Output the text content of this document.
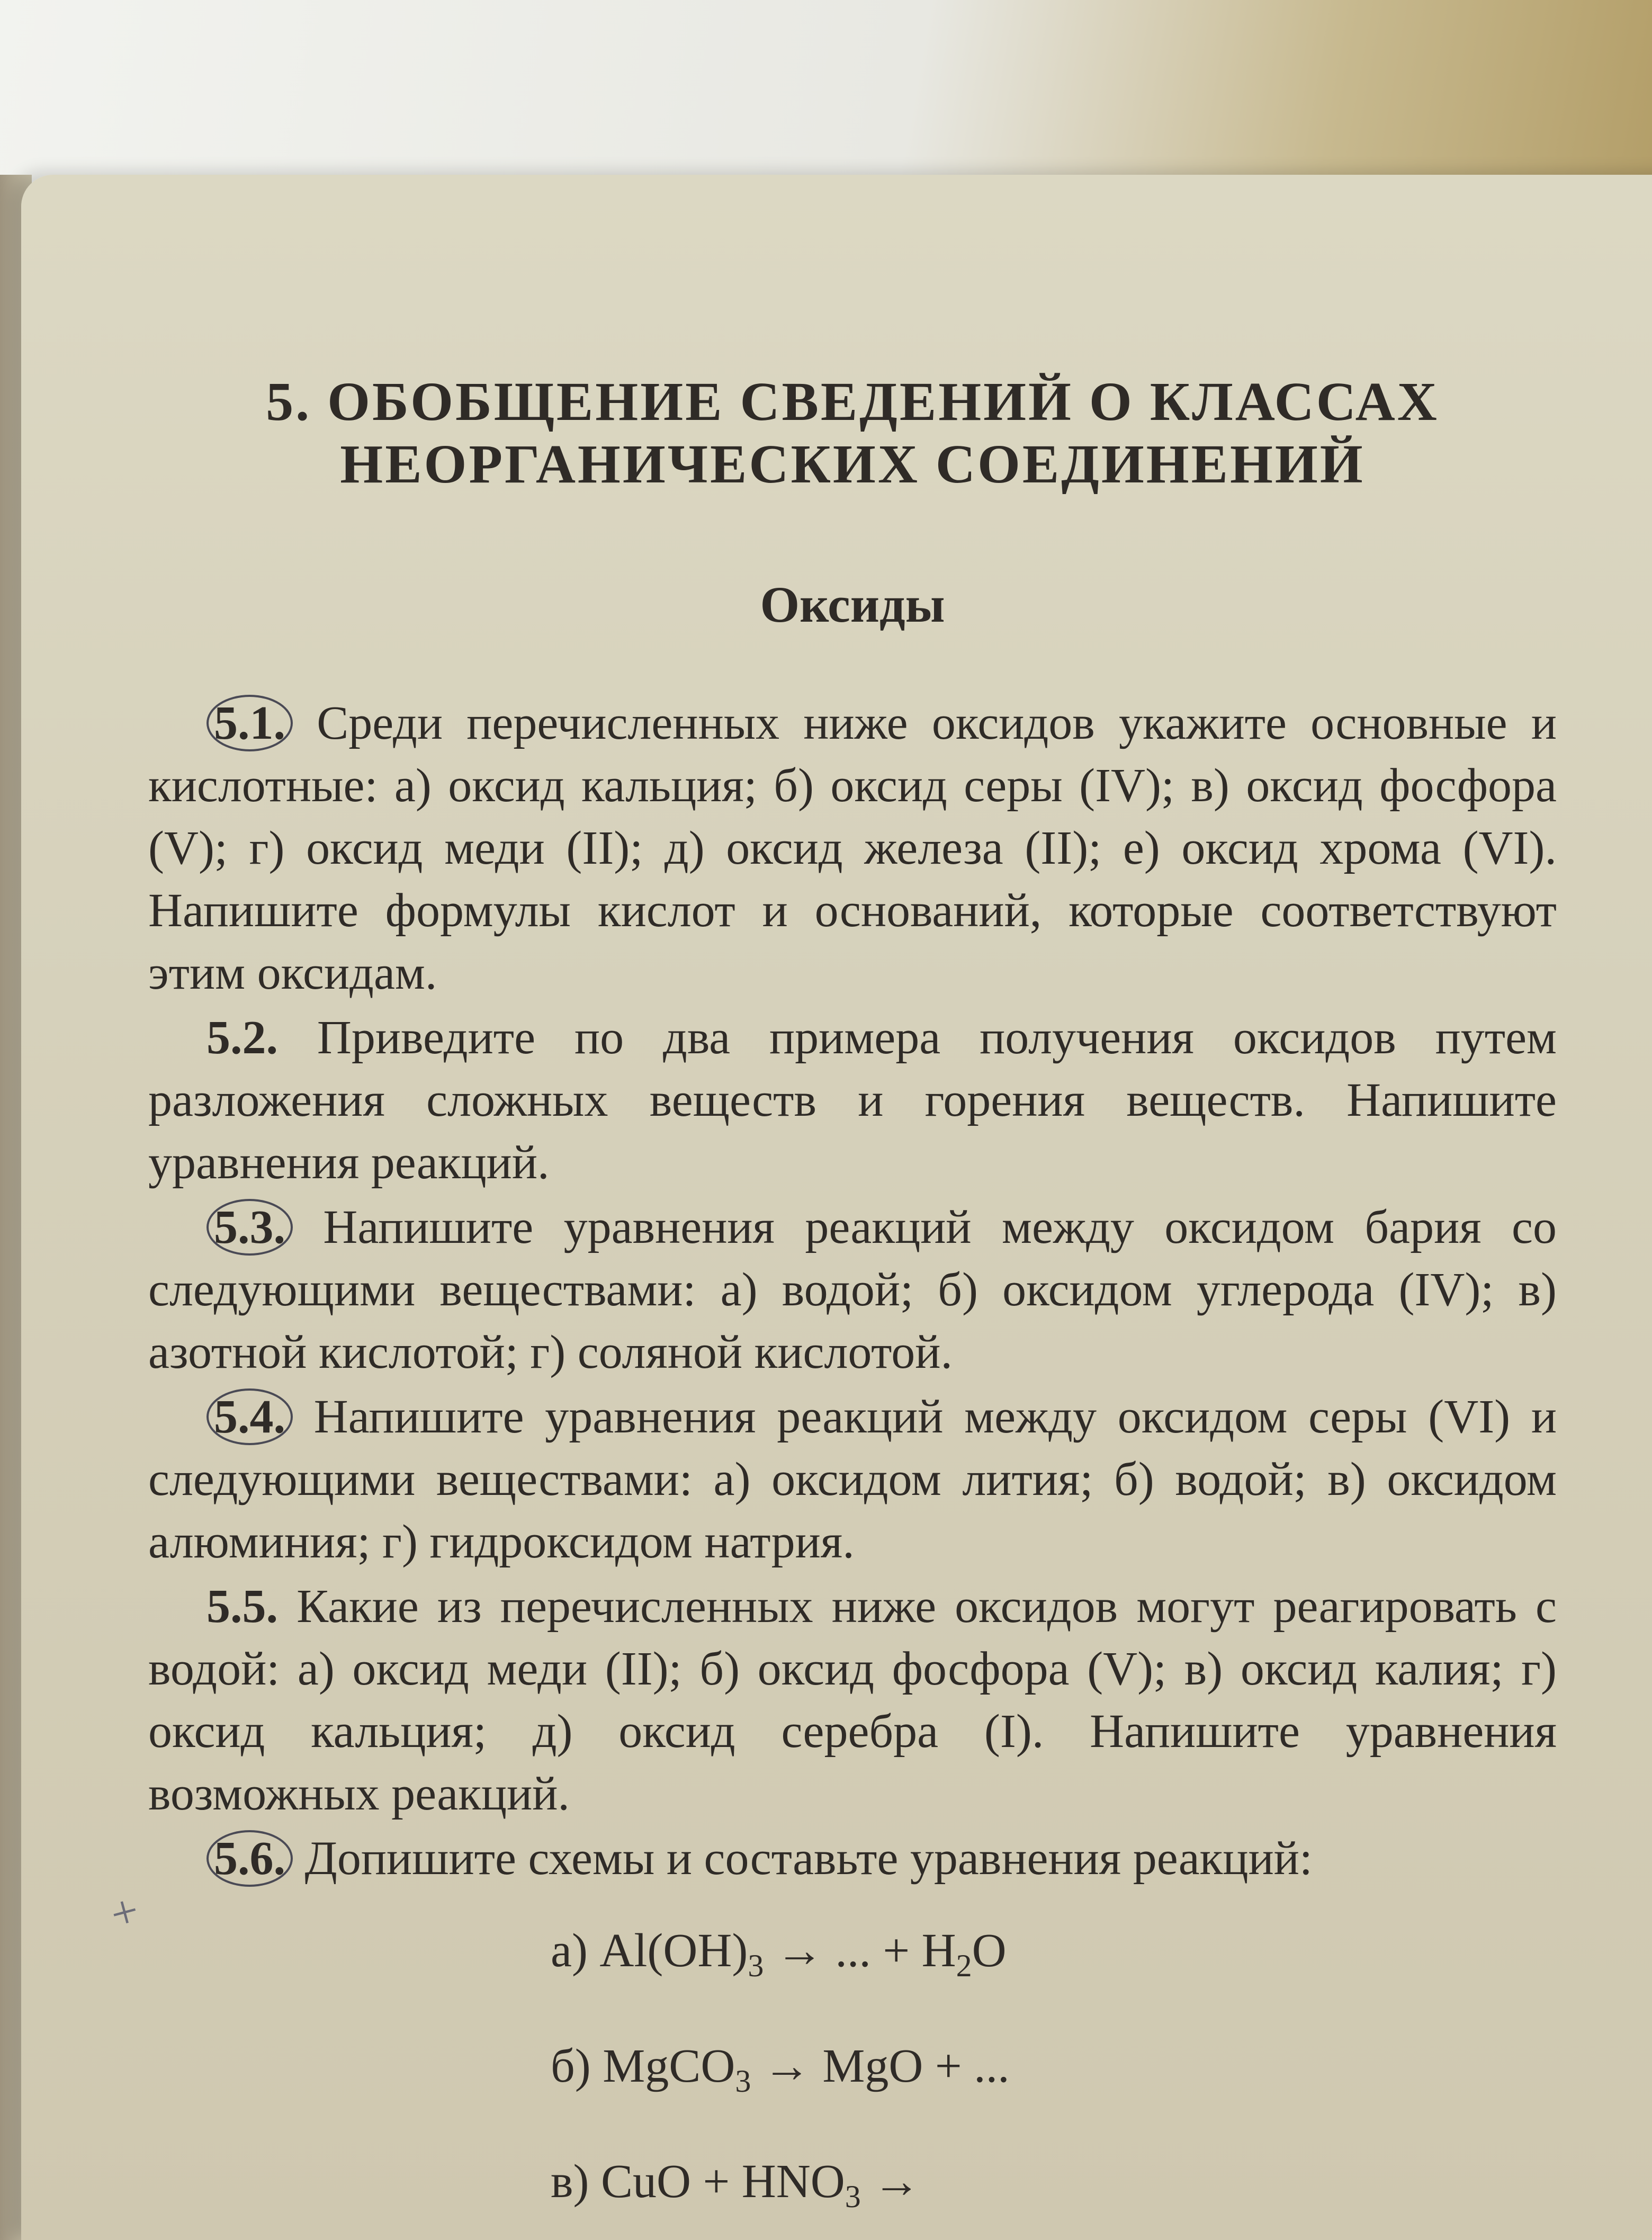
5. ОБОБЩЕНИЕ СВЕДЕНИЙ О КЛАССАХ
НЕОРГАНИЧЕСКИХ СОЕДИНЕНИЙ
Оксиды

5.1. Среди перечисленных ниже оксидов укажите основные и кислотные: а) оксид кальция; б) оксид серы (IV); в) оксид фосфора (V); г) оксид меди (II); д) оксид железа (II); е) оксид хрома (VI). Напишите формулы кислот и оснований, которые соответствуют этим оксидам.

5.2. Приведите по два примера получения оксидов путем разложения сложных веществ и горения веществ. Напишите уравнения реакций.

5.3. Напишите уравнения реакций между оксидом бария со следующими веществами: а) водой; б) оксидом углерода (IV); в) азотной кислотой; г) соляной кислотой.

5.4. Напишите уравнения реакций между оксидом серы (VI) и следующими веществами: а) оксидом лития; б) водой; в) оксидом алюминия; г) гидроксидом натрия.

5.5. Какие из перечисленных ниже оксидов могут реагировать с водой: а) оксид меди (II); б) оксид фосфора (V); в) оксид калия; г) оксид кальция; д) оксид серебра (I). Напишите уравнения возможных реакций.

5.6. Допишите схемы и составьте уравнения реакций:

а) $Al(OH)_3$ → ... + $H_2O$
б) MgCO$_3$ → MgO + ...
в) CuO + $HNO_3$ →
+
